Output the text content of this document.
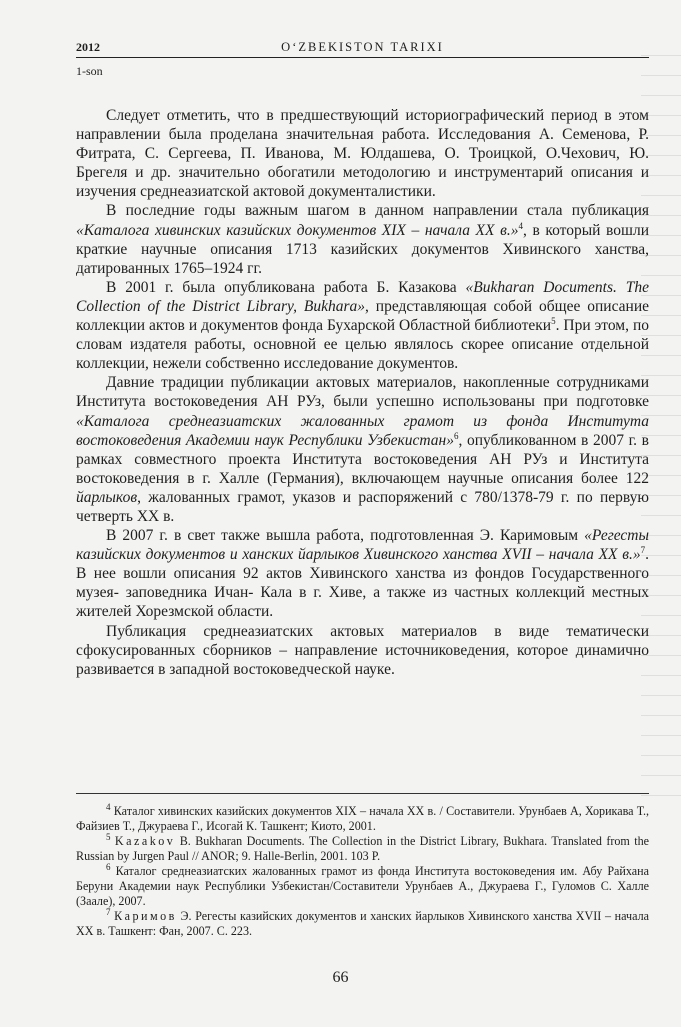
2012	O‘ZBEKISTON TARIXI
1-son

Следует отметить, что в предшествующий историографический период в этом направлении была проделана значительная работа. Исследования А. Семенова, Р. Фитрата, С. Сергеева, П. Иванова, М. Юлдашева, О. Троицкой, О.Чехович, Ю. Брегеля и др. значительно обогатили методологию и инструментарий описания и изучения среднеазиатской актовой документалистики.

В последние годы важным шагом в данном направлении стала публикация «Каталога хивинских казийских документов XIX – начала XX в.»$^4$, в который вошли краткие научные описания 1713 казийских документов Хивинского ханства, датированных 1765–1924 гг.

В 2001 г. была опубликована работа Б. Казакова «Bukharan Documents. The Collection of the District Library, Bukhara», представляющая собой общее описание коллекции актов и документов фонда Бухарской Областной библиотеки$^5$. При этом, по словам издателя работы, основной ее целью являлось скорее описание отдельной коллекции, нежели собственно исследование документов.

Давние традиции публикации актовых материалов, накопленные сотрудниками Института востоковедения АН РУз, были успешно использованы при подготовке «Каталога среднеазиатских жалованных грамот из фонда Института востоковедения Академии наук Республики Узбекистан»$^6$, опубликованном в 2007 г. в рамках совместного проекта Института востоковедения АН РУз и Института востоковедения в г. Халле (Германия), включающем научные описания более 122 йарлыков, жалованных грамот, указов и распоряжений с 780/1378-79 г. по первую четверть XX в.

В 2007 г. в свет также вышла работа, подготовленная Э. Каримовым «Регесты казийских документов и ханских йарлыков Хивинского ханства XVII – начала XX в.»$^7$. В нее вошли описания 92 актов Хивинского ханства из фондов Государственного музея- заповедника Ичан- Кала в г. Хиве, а также из частных коллекций местных жителей Хорезмской области.

Публикация среднеазиатских актовых материалов в виде тематически сфокусированных сборников – направление источниковедения, которое динамично развивается в западной востоковедческой науке.

$^4$ Каталог хивинских казийских документов XIX – начала XX в. / Составители. Урунбаев А, Хорикава Т., Файзиев Т., Джураева Г., Исогай К. Ташкент; Киото, 2001.

$^5$ Kazakov B. Bukharan Documents. The Collection in the District Library, Bukhara. Translated from the Russian by Jurgen Paul // ANOR; 9. Halle-Berlin, 2001. 103 P.

$^6$ Каталог среднеазиатских жалованных грамот из фонда Института востоковедения им. Абу Райхана Беруни Академии наук Республики Узбекистан/Составители Урунбаев А., Джураева Г., Гуломов С. Халле (Заале), 2007.

$^7$ Каримов Э. Регесты казийских документов и ханских йарлыков Хивинского ханства XVII – начала XX в. Ташкент: Фан, 2007. С. 223.

66
